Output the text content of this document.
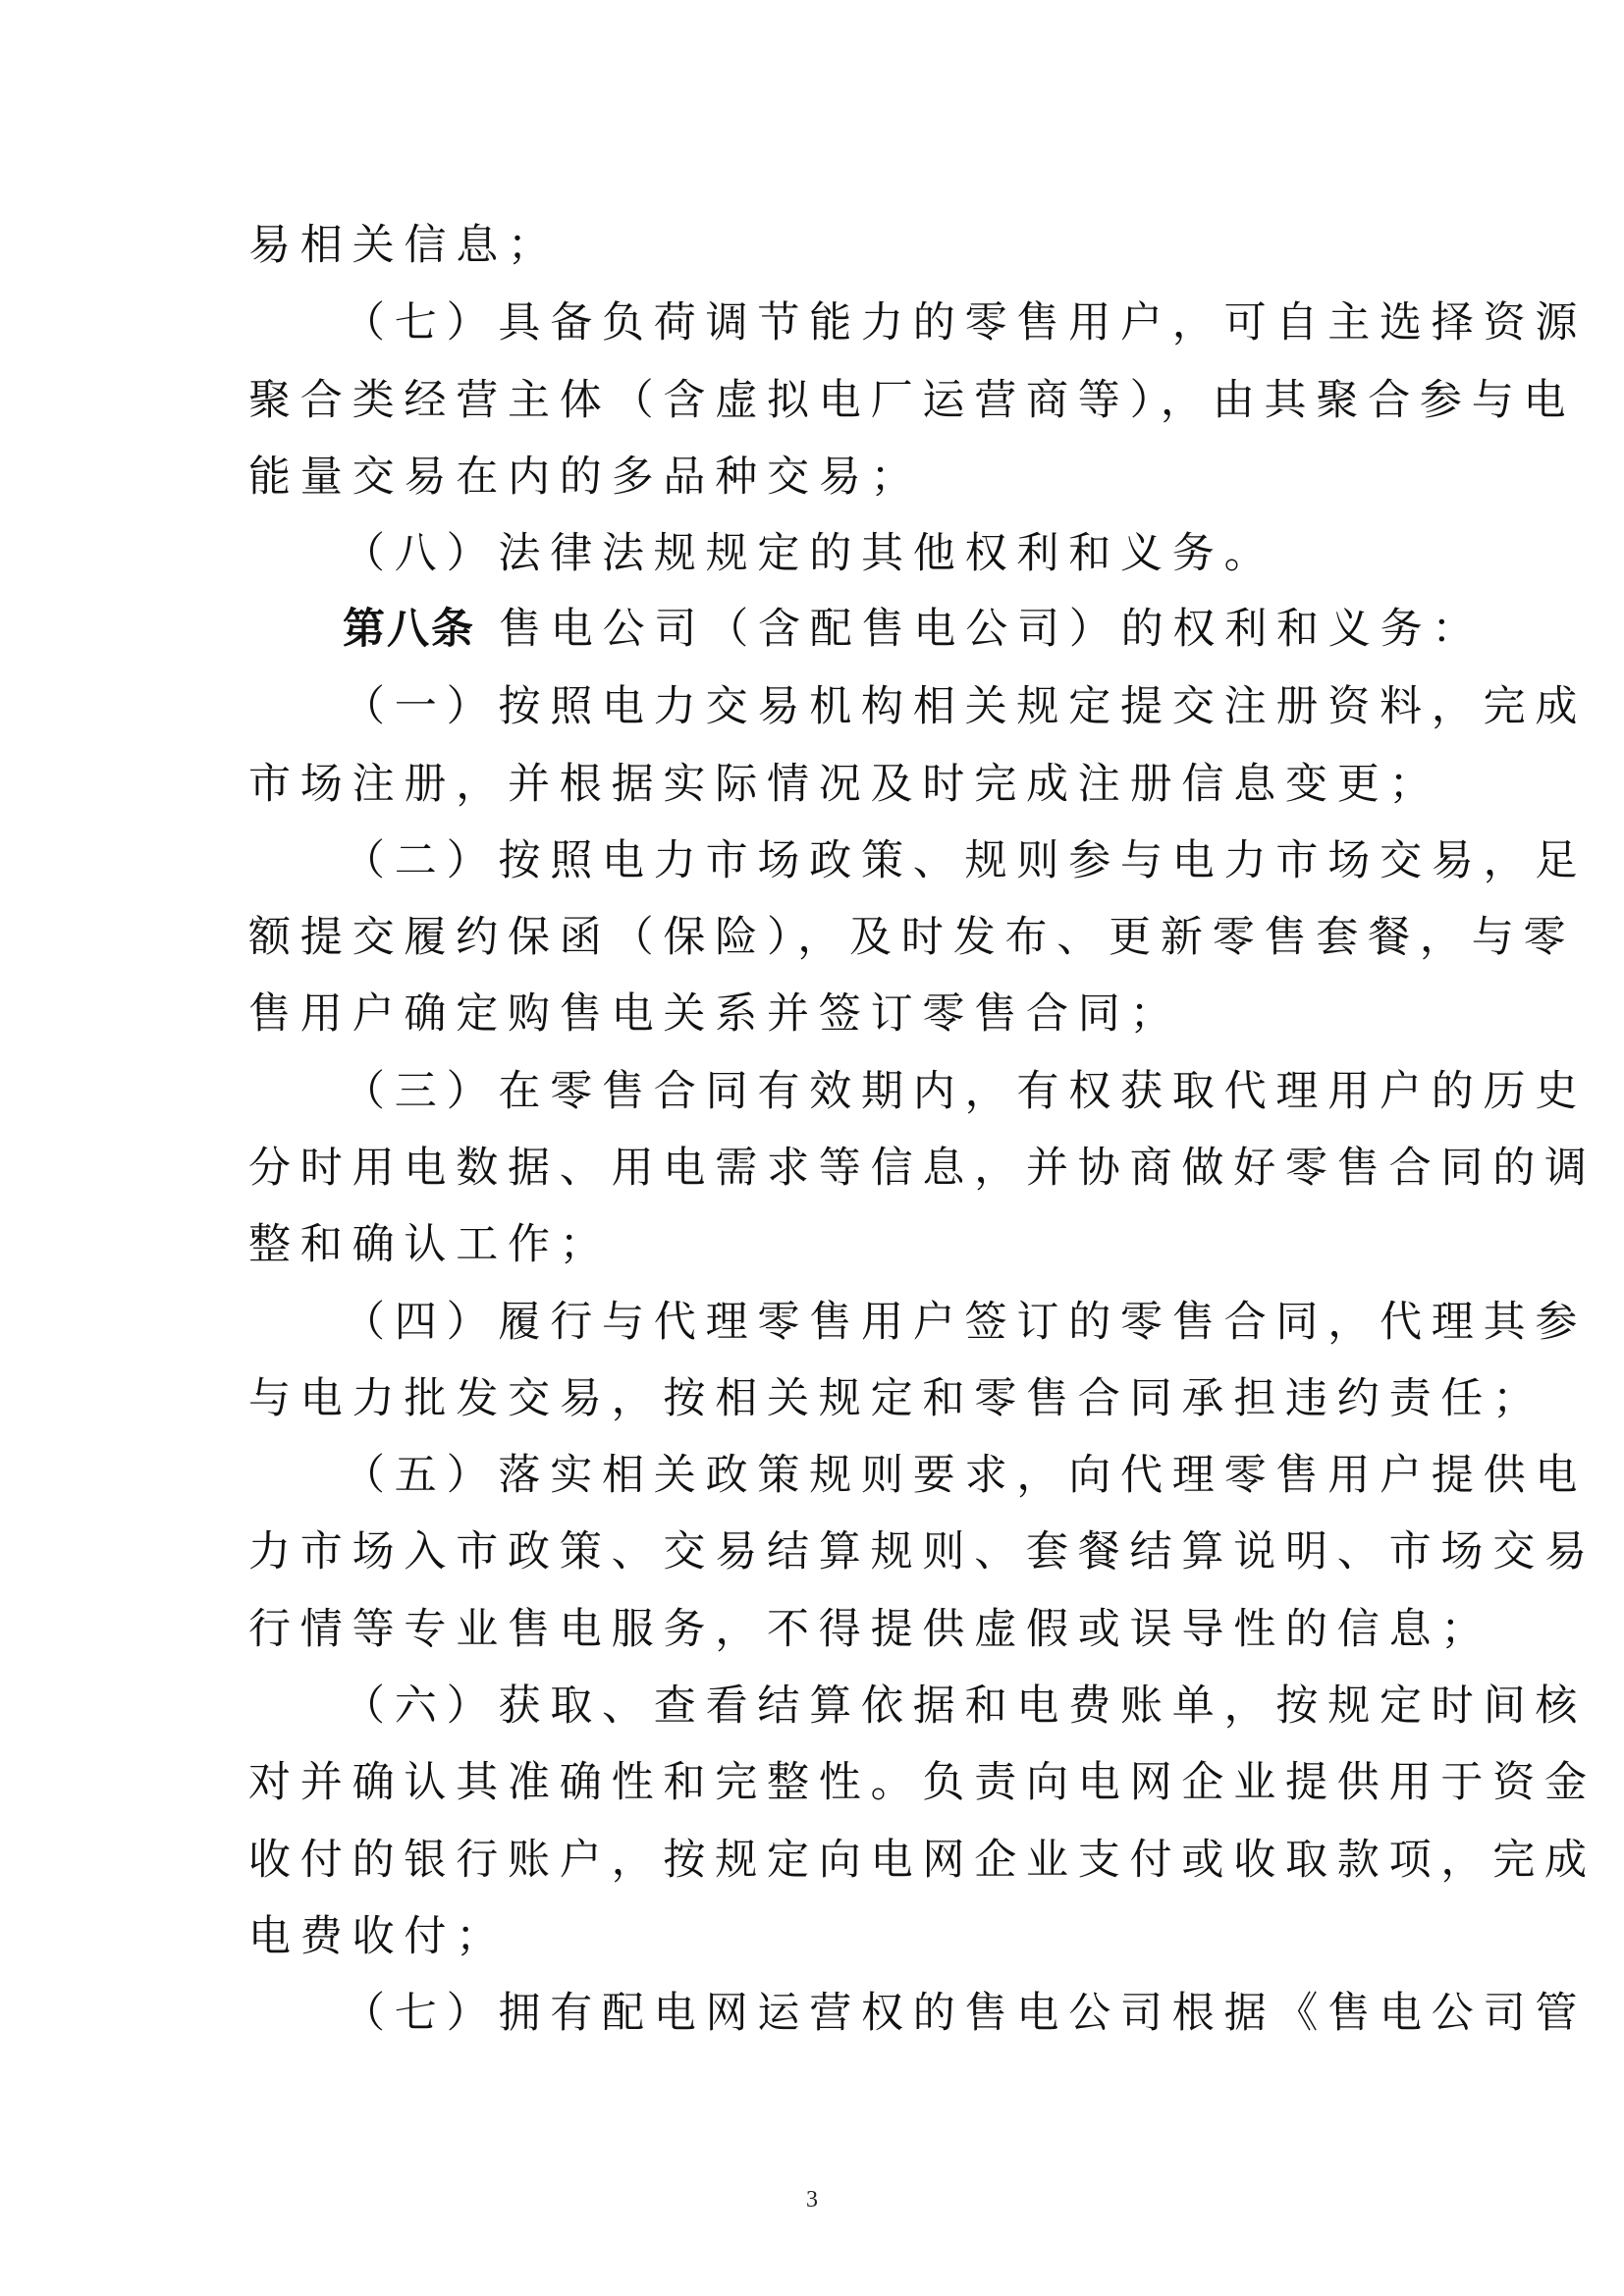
易相关信息；
（七）具备负荷调节能力的零售用户，可自主选择资源
聚合类经营主体（含虚拟电厂运营商等），由其聚合参与电
能量交易在内的多品种交易；
（八）法律法规规定的其他权利和义务。
第八条 售电公司（含配售电公司）的权利和义务：
（一）按照电力交易机构相关规定提交注册资料，完成
市场注册，并根据实际情况及时完成注册信息变更；
（二）按照电力市场政策、规则参与电力市场交易，足
额提交履约保函（保险），及时发布、更新零售套餐，与零
售用户确定购售电关系并签订零售合同；
（三）在零售合同有效期内，有权获取代理用户的历史
分时用电数据、用电需求等信息，并协商做好零售合同的调
整和确认工作；
（四）履行与代理零售用户签订的零售合同，代理其参
与电力批发交易，按相关规定和零售合同承担违约责任；
（五）落实相关政策规则要求，向代理零售用户提供电
力市场入市政策、交易结算规则、套餐结算说明、市场交易
行情等专业售电服务，不得提供虚假或误导性的信息；
（六）获取、查看结算依据和电费账单，按规定时间核
对并确认其准确性和完整性。负责向电网企业提供用于资金
收付的银行账户，按规定向电网企业支付或收取款项，完成
电费收付；
（七）拥有配电网运营权的售电公司根据《售电公司管
3
